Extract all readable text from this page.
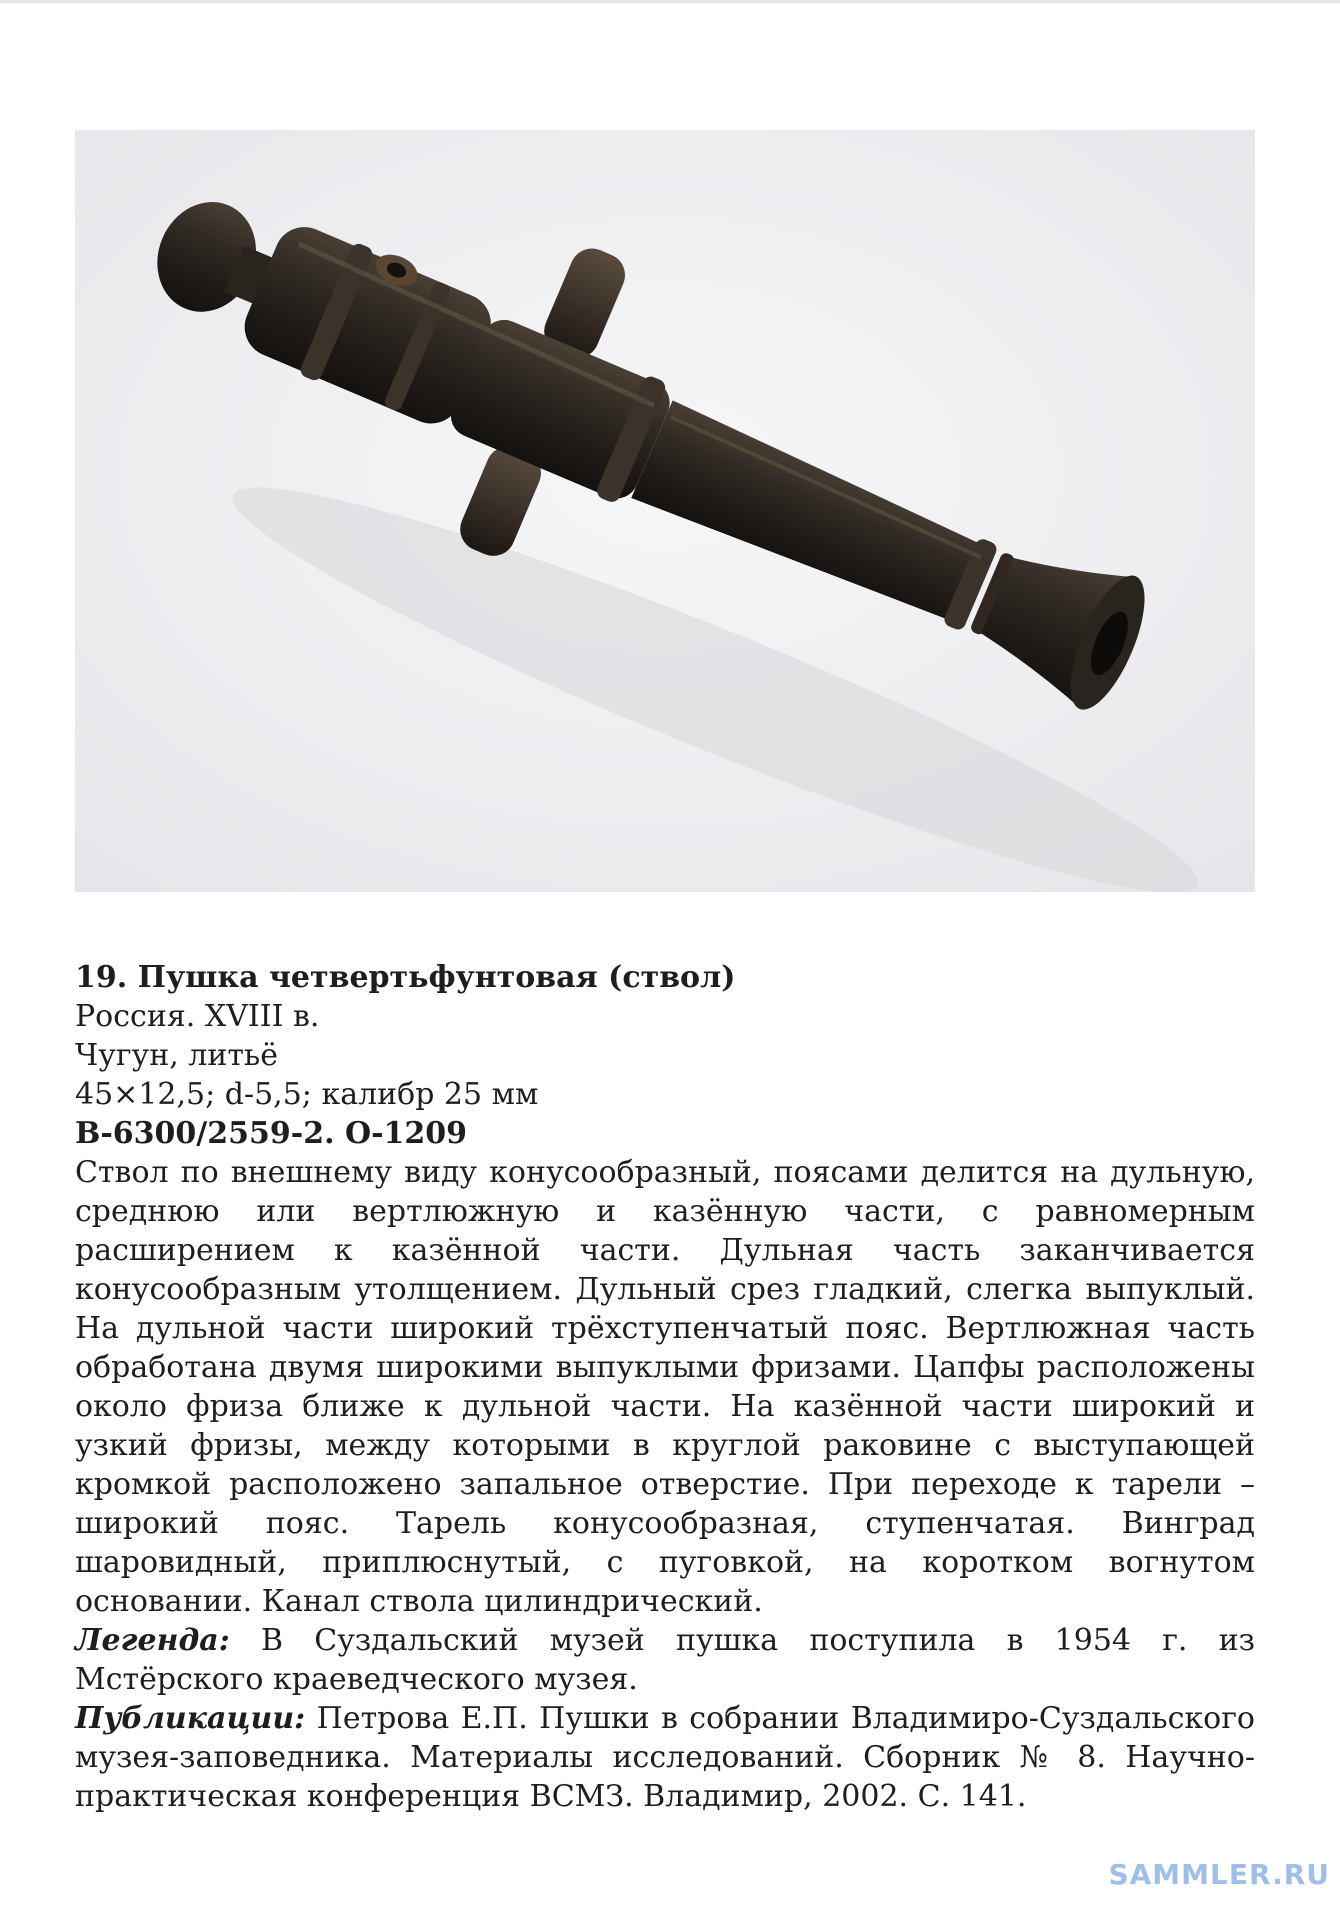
19. Пушка четвертьфунтовая (ствол)
Россия. XVIII в.
Чугун, литьё
45×12,5; d-5,5; калибр 25 мм
В-6300/2559-2. О-1209

Ствол по внешнему виду конусообразный, поясами делится на дульную, среднюю или вертлюжную и казённую части, с равномерным расширением к казённой части. Дульная часть заканчивается конусообразным утолщением. Дульный срез гладкий, слегка выпуклый. На дульной части широкий трёхступенчатый пояс. Вертлюжная часть обработана двумя широкими выпуклыми фризами. Цапфы расположены около фриза ближе к дульной части. На казённой части широкий и узкий фризы, между которыми в круглой раковине с выступающей кромкой расположено запальное отверстие. При переходе к тарели – широкий пояс. Тарель конусообразная, ступенчатая. Винград шаровидный, приплюснутый, с пуговкой, на коротком вогнутом основании. Канал ствола цилиндрический.

Легенда: В Суздальский музей пушка поступила в 1954 г. из Мстёрского краеведческого музея.

Публикации: Петрова Е.П. Пушки в собрании Владимиро-Суздальского музея-заповедника. Материалы исследований. Сборник № 8. Научно-практическая конференция ВСМЗ. Владимир, 2002. С. 141.

SAMMLER.RU
